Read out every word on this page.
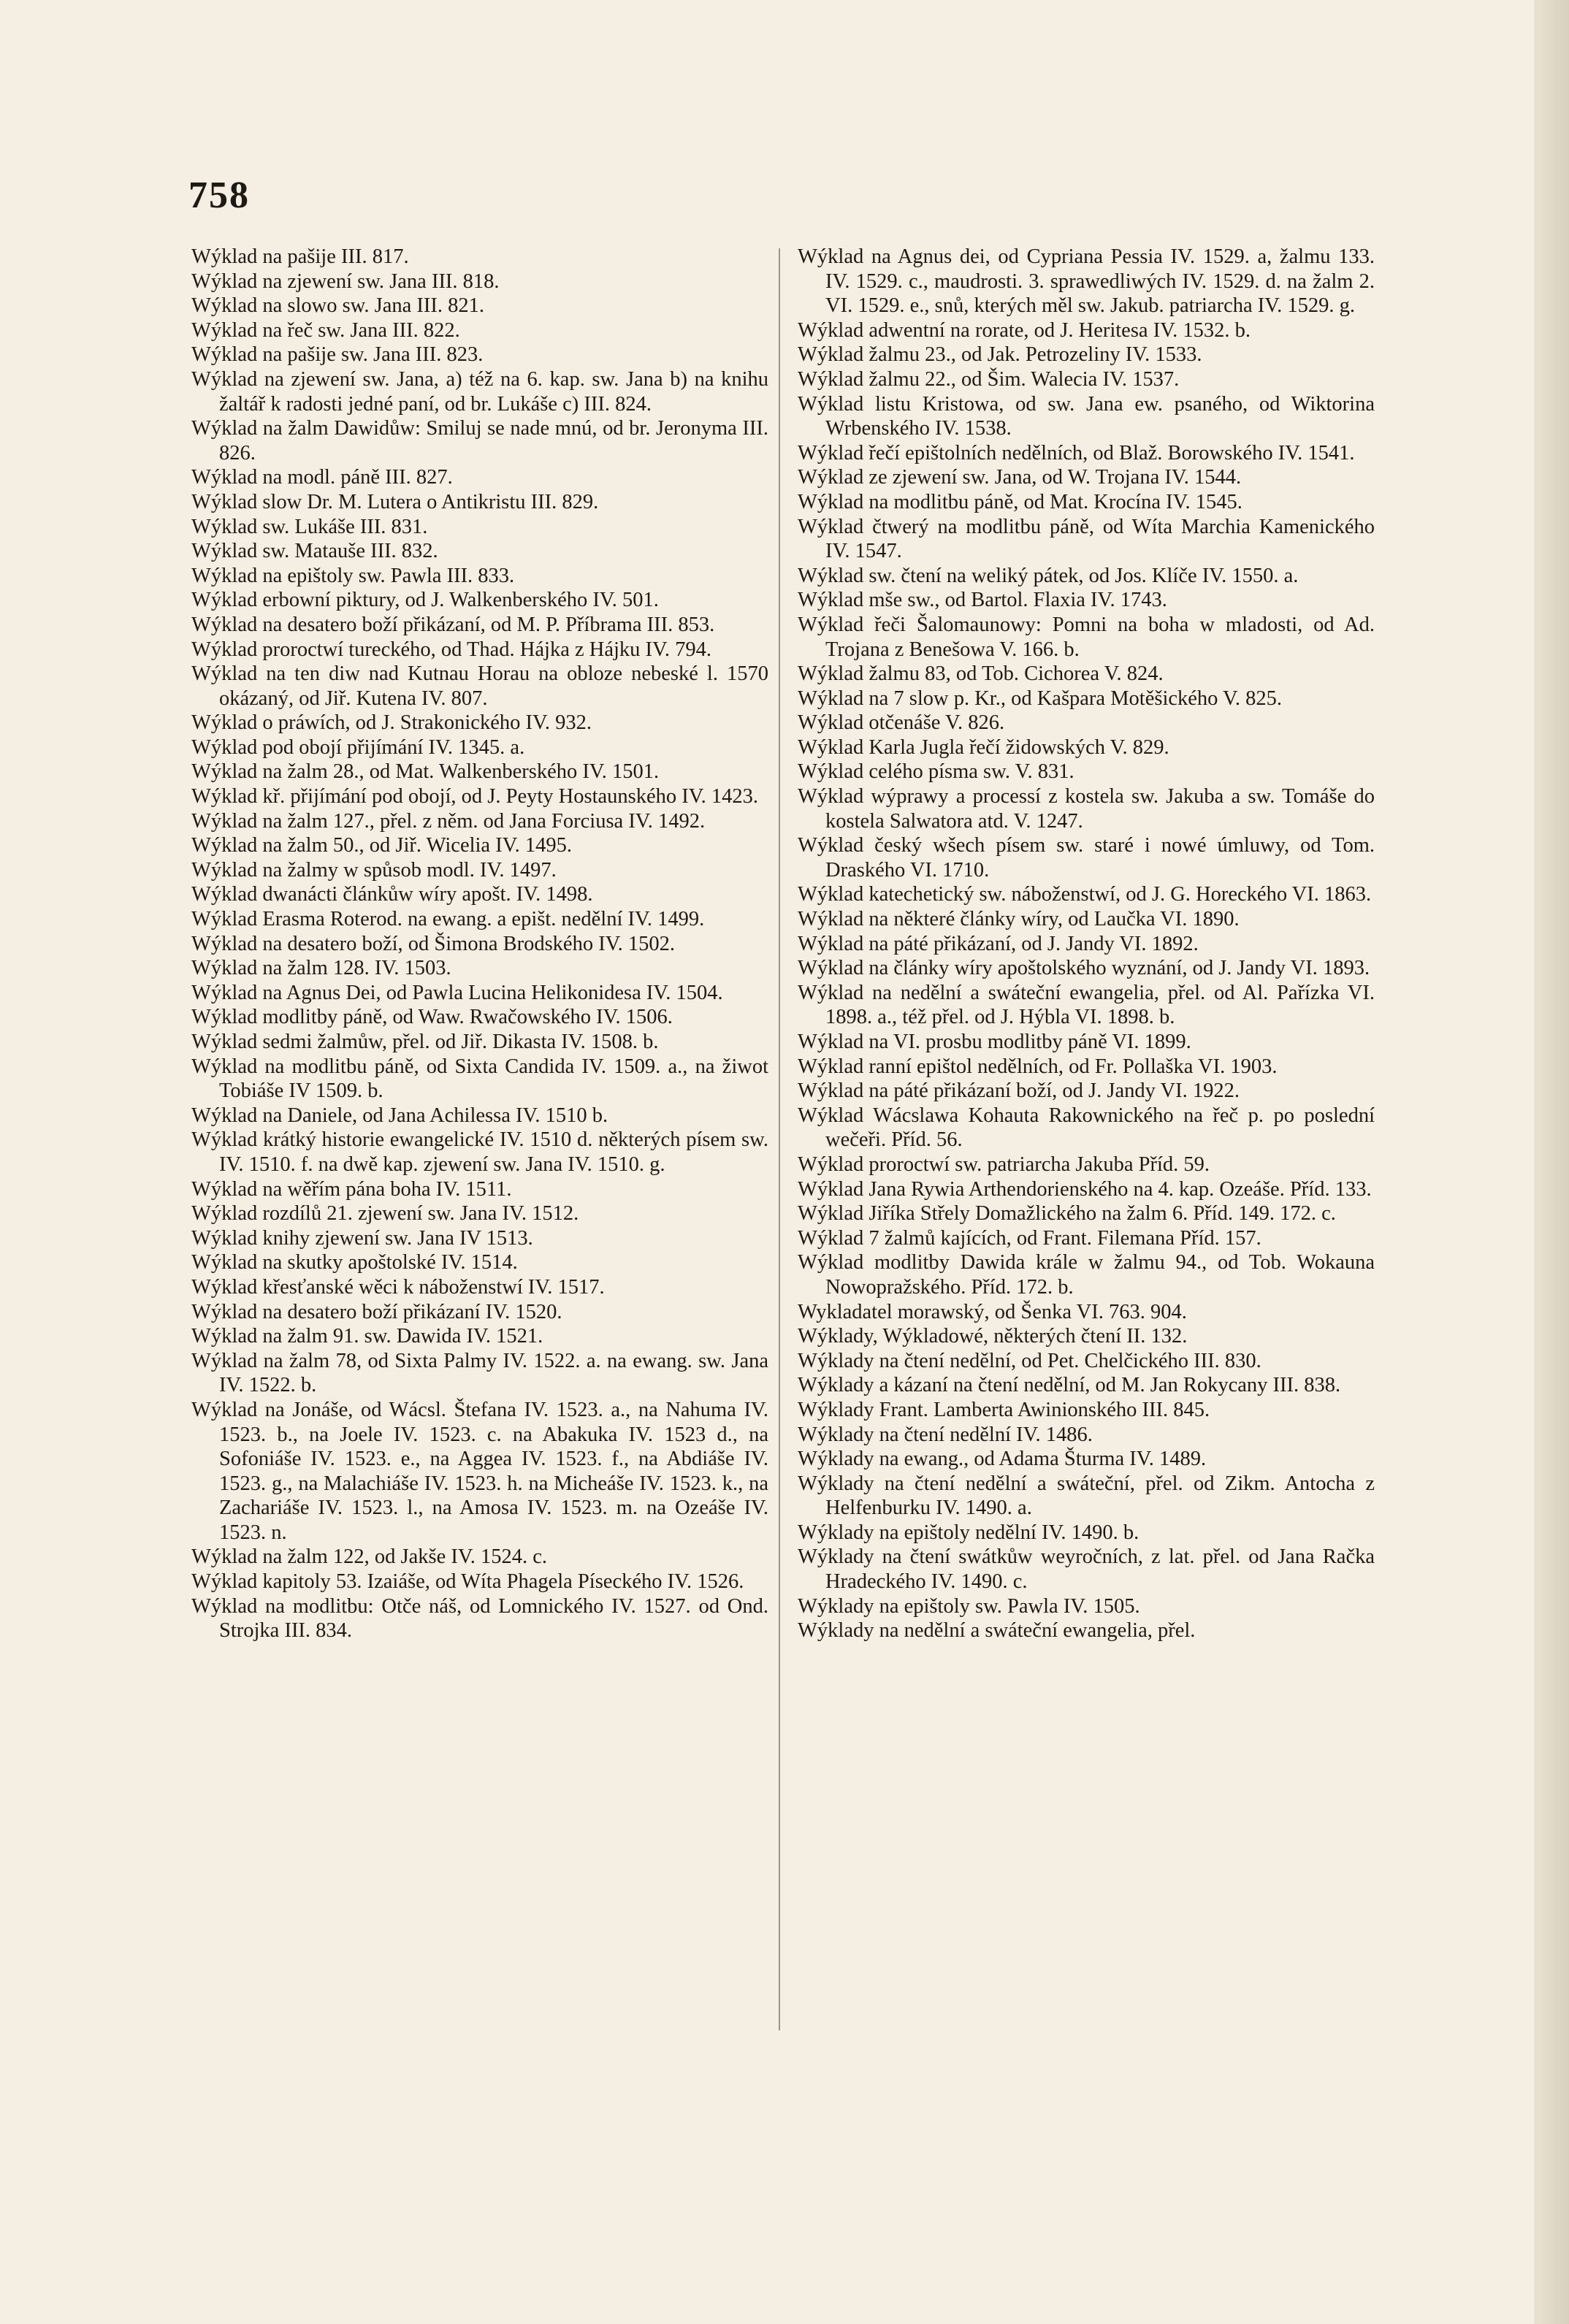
758

Wýklad na pašije III. 817.

Wýklad na zjewení sw. Jana III. 818.

Wýklad na slowo sw. Jana III. 821.

Wýklad na řeč sw. Jana III. 822.

Wýklad na pašije sw. Jana III. 823.

Wýklad na zjewení sw. Jana, a) též na 6. kap. sw. Jana b) na knihu žaltář k radosti jedné paní, od br. Lukáše c) III. 824.

Wýklad na žalm Dawidůw: Smiluj se nade mnú, od br. Jeronyma III. 826.

Wýklad na modl. páně III. 827.

Wýklad slow Dr. M. Lutera o Antikristu III. 829.

Wýklad sw. Lukáše III. 831.

Wýklad sw. Matauše III. 832.

Wýklad na epištoly sw. Pawla III. 833.

Wýklad erbowní piktury, od J. Walkenberského IV. 501.

Wýklad na desatero boží přikázaní, od M. P. Příbrama III. 853.

Wýklad proroctwí tureckého, od Thad. Hájka z Hájku IV. 794.

Wýklad na ten diw nad Kutnau Horau na obloze nebeské l. 1570 okázaný, od Jiř. Kutena IV. 807.

Wýklad o práwích, od J. Strakonického IV. 932.

Wýklad pod obojí přijímání IV. 1345. a.

Wýklad na žalm 28., od Mat. Walkenberského IV. 1501.

Wýklad kř. přijímání pod obojí, od J. Peyty Hostaunského IV. 1423.

Wýklad na žalm 127., přel. z něm. od Jana Forciusa IV. 1492.

Wýklad na žalm 50., od Jiř. Wicelia IV. 1495.

Wýklad na žalmy w spůsob modl. IV. 1497.

Wýklad dwanácti článkůw wíry apošt. IV. 1498.

Wýklad Erasma Roterod. na ewang. a epišt. nedělní IV. 1499.

Wýklad na desatero boží, od Šimona Brodského IV. 1502.

Wýklad na žalm 128. IV. 1503.

Wýklad na Agnus Dei, od Pawla Lucina Helikonidesa IV. 1504.

Wýklad modlitby páně, od Waw. Rwačowského IV. 1506.

Wýklad sedmi žalmůw, přel. od Jiř. Dikasta IV. 1508. b.

Wýklad na modlitbu páně, od Sixta Candida IV. 1509. a., na žiwot Tobiáše IV 1509. b.

Wýklad na Daniele, od Jana Achilessa IV. 1510 b.

Wýklad krátký historie ewangelické IV. 1510 d. některých písem sw. IV. 1510. f. na dwě kap. zjewení sw. Jana IV. 1510. g.

Wýklad na wěřím pána boha IV. 1511.

Wýklad rozdílů 21. zjewení sw. Jana IV. 1512.

Wýklad knihy zjewení sw. Jana IV 1513.

Wýklad na skutky apoštolské IV. 1514.

Wýklad křesťanské wěci k náboženstwí IV. 1517.

Wýklad na desatero boží přikázaní IV. 1520.

Wýklad na žalm 91. sw. Dawida IV. 1521.

Wýklad na žalm 78, od Sixta Palmy IV. 1522. a. na ewang. sw. Jana IV. 1522. b.

Wýklad na Jonáše, od Wácsl. Štefana IV. 1523. a., na Nahuma IV. 1523. b., na Joele IV. 1523. c. na Abakuka IV. 1523 d., na Sofoniáše IV. 1523. e., na Aggea IV. 1523. f., na Abdiáše IV. 1523. g., na Malachiáše IV. 1523. h. na Micheáše IV. 1523. k., na Zachariáše IV. 1523. l., na Amosa IV. 1523. m. na Ozeáše IV. 1523. n.

Wýklad na žalm 122, od Jakše IV. 1524. c.

Wýklad kapitoly 53. Izaiáše, od Wíta Phagela Píseckého IV. 1526.

Wýklad na modlitbu: Otče náš, od Lomnického IV. 1527. od Ond. Strojka III. 834.

Wýklad na Agnus dei, od Cypriana Pessia IV. 1529. a, žalmu 133. IV. 1529. c., maudrosti. 3. sprawedliwých IV. 1529. d. na žalm 2. VI. 1529. e., snů, kterých měl sw. Jakub. patriarcha IV. 1529. g.

Wýklad adwentní na rorate, od J. Heritesa IV. 1532. b.

Wýklad žalmu 23., od Jak. Petrozeliny IV. 1533.

Wýklad žalmu 22., od Šim. Walecia IV. 1537.

Wýklad listu Kristowa, od sw. Jana ew. psaného, od Wiktorina Wrbenského IV. 1538.

Wýklad řečí epištolních nedělních, od Blaž. Borowského IV. 1541.

Wýklad ze zjewení sw. Jana, od W. Trojana IV. 1544.

Wýklad na modlitbu páně, od Mat. Krocína IV. 1545.

Wýklad čtwerý na modlitbu páně, od Wíta Marchia Kamenického IV. 1547.

Wýklad sw. čtení na weliký pátek, od Jos. Klíče IV. 1550. a.

Wýklad mše sw., od Bartol. Flaxia IV. 1743.

Wýklad řeči Šalomaunowy: Pomni na boha w mladosti, od Ad. Trojana z Benešowa V. 166. b.

Wýklad žalmu 83, od Tob. Cichorea V. 824.

Wýklad na 7 slow p. Kr., od Kašpara Motěšického V. 825.

Wýklad otčenáše V. 826.

Wýklad Karla Jugla řečí židowských V. 829.

Wýklad celého písma sw. V. 831.

Wýklad wýprawy a processí z kostela sw. Jakuba a sw. Tomáše do kostela Salwatora atd. V. 1247.

Wýklad český wšech písem sw. staré i nowé úmluwy, od Tom. Draského VI. 1710.

Wýklad katechetický sw. náboženstwí, od J. G. Horeckého VI. 1863.

Wýklad na některé články wíry, od Laučka VI. 1890.

Wýklad na páté přikázaní, od J. Jandy VI. 1892.

Wýklad na články wíry apoštolského wyznání, od J. Jandy VI. 1893.

Wýklad na nedělní a swáteční ewangelia, přel. od Al. Pařízka VI. 1898. a., též přel. od J. Hýbla VI. 1898. b.

Wýklad na VI. prosbu modlitby páně VI. 1899.

Wýklad ranní epištol nedělních, od Fr. Pollaška VI. 1903.

Wýklad na páté přikázaní boží, od J. Jandy VI. 1922.

Wýklad Wácslawa Kohauta Rakownického na řeč p. po poslední wečeři. Příd. 56.

Wýklad proroctwí sw. patriarcha Jakuba Příd. 59.

Wýklad Jana Rywia Arthendorienského na 4. kap. Ozeáše. Příd. 133.

Wýklad Jiříka Střely Domažlického na žalm 6. Příd. 149. 172. c.

Wýklad 7 žalmů kajících, od Frant. Filemana Příd. 157.

Wýklad modlitby Dawida krále w žalmu 94., od Tob. Wokauna Nowopražského. Příd. 172. b.

Wykladatel morawský, od Šenka VI. 763. 904.

Wýklady, Wýkladowé, některých čtení II. 132.

Wýklady na čtení nedělní, od Pet. Chelčického III. 830.

Wýklady a kázaní na čtení nedělní, od M. Jan Rokycany III. 838.

Wýklady Frant. Lamberta Awinionského III. 845.

Wýklady na čtení nedělní IV. 1486.

Wýklady na ewang., od Adama Šturma IV. 1489.

Wýklady na čtení nedělní a swáteční, přel. od Zikm. Antocha z Helfenburku IV. 1490. a.

Wýklady na epištoly nedělní IV. 1490. b.

Wýklady na čtení swátkůw weyročních, z lat. přel. od Jana Račka Hradeckého IV. 1490. c.

Wýklady na epištoly sw. Pawla IV. 1505.

Wýklady na nedělní a swáteční ewangelia, přel.
